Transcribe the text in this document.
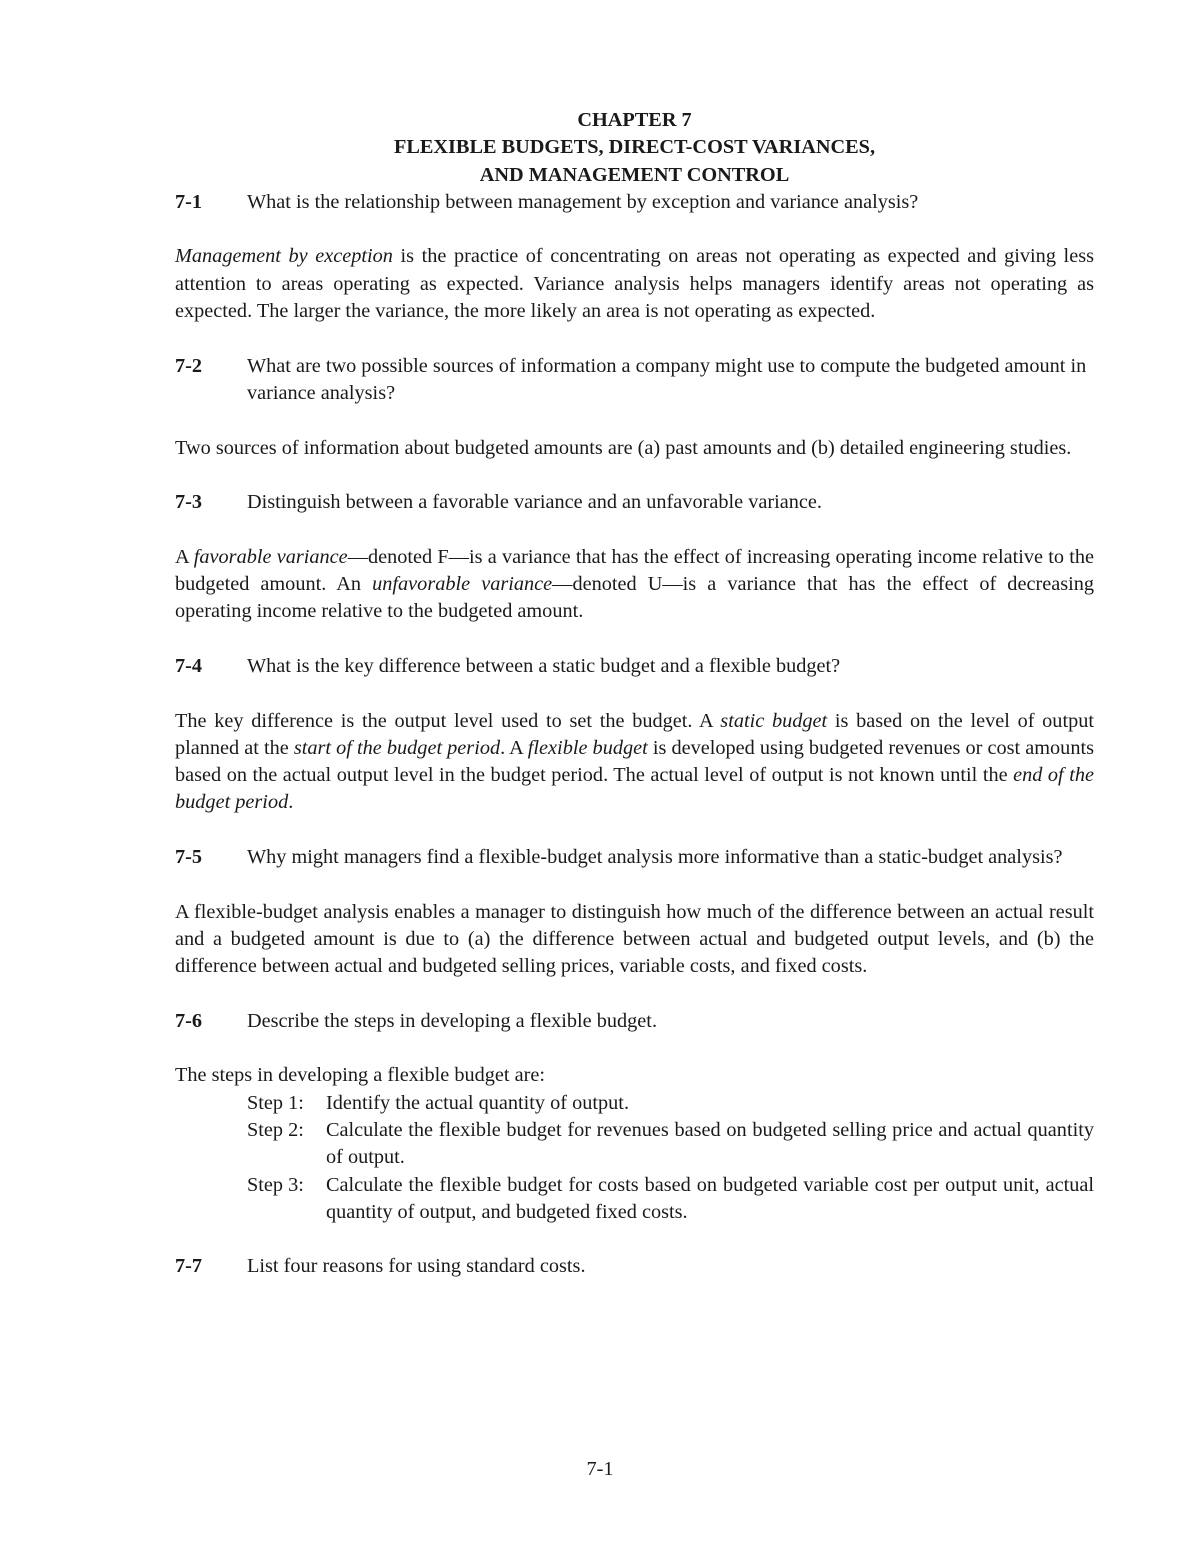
CHAPTER 7
FLEXIBLE BUDGETS, DIRECT-COST VARIANCES,
AND MANAGEMENT CONTROL
7-1	What is the relationship between management by exception and variance analysis?

Management by exception is the practice of concentrating on areas not operating as expected and giving less attention to areas operating as expected. Variance analysis helps managers identify areas not operating as expected. The larger the variance, the more likely an area is not operating as expected.

7-2	What are two possible sources of information a company might use to compute the budgeted amount in variance analysis?

Two sources of information about budgeted amounts are (a) past amounts and (b) detailed engineering studies.

7-3	Distinguish between a favorable variance and an unfavorable variance.

A favorable variance—denoted F—is a variance that has the effect of increasing operating income relative to the budgeted amount. An unfavorable variance—denoted U—is a variance that has the effect of decreasing operating income relative to the budgeted amount.

7-4	What is the key difference between a static budget and a flexible budget?

The key difference is the output level used to set the budget. A static budget is based on the level of output planned at the start of the budget period. A flexible budget is developed using budgeted revenues or cost amounts based on the actual output level in the budget period. The actual level of output is not known until the end of the budget period.

7-5	Why might managers find a flexible-budget analysis more informative than a static-budget analysis?

A flexible-budget analysis enables a manager to distinguish how much of the difference between an actual result and a budgeted amount is due to (a) the difference between actual and budgeted output levels, and (b) the difference between actual and budgeted selling prices, variable costs, and fixed costs.

7-6	Describe the steps in developing a flexible budget.

The steps in developing a flexible budget are:

Step 1:	Identify the actual quantity of output.
Step 2:	Calculate the flexible budget for revenues based on budgeted selling price and actual quantity of output.
Step 3:	Calculate the flexible budget for costs based on budgeted variable cost per output unit, actual quantity of output, and budgeted fixed costs.
7-7	List four reasons for using standard costs.
7-1
